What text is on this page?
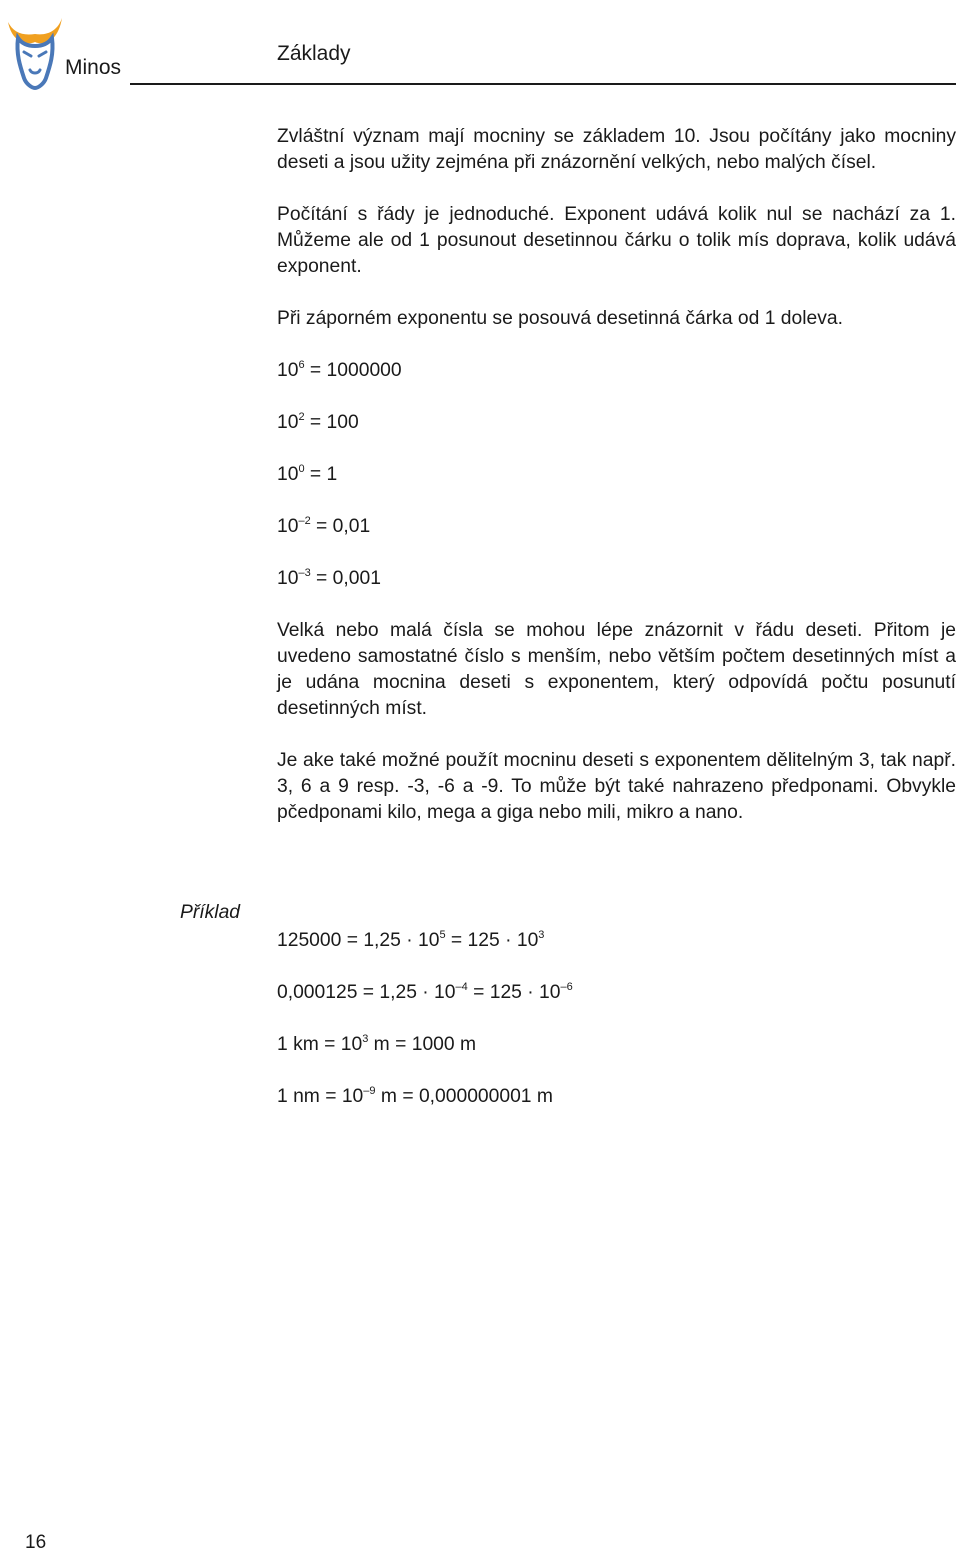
Minos
Základy

Zvláštní význam mají mocniny se základem 10. Jsou počítány jako mocniny deseti a jsou užity zejména při znázornění velkých, nebo malých čísel.

Počítání s řády je jednoduché. Exponent udává kolik nul se nachází za 1. Můžeme ale od 1 posunout desetinnou čárku o tolik mís doprava, kolik udává exponent.

Při záporném exponentu se posouvá desetinná čárka od 1 doleva.

$10^6 = 1000000$

$10^2 = 100$

$10^0 = 1$

$10^{-2} = 0,01$

$10^{-3} = 0,001$

Velká nebo malá čísla se mohou lépe znázornit v řádu deseti. Přitom je uvedeno samostatné číslo s menším, nebo větším počtem desetinných míst a je udána mocnina deseti s exponentem, který odpovídá počtu posunutí desetinných míst.

Je ake také možné použít mocninu deseti s exponentem dělitelným 3, tak např. 3, 6 a 9 resp. -3, -6 a -9. To může být také nahrazeno předponami. Obvykle pčedponami kilo, mega a giga nebo mili, mikro a nano.

Příklad

$125000 = 1,25 \cdot 10^5 = 125 \cdot 10^3$

$0,000125 = 1,25 \cdot 10^{-4} = 125 \cdot 10^{-6}$

1 km = $10^3$ m = 1000 m

1 nm = $10^{-9}$ m = 0,000000001 m

16
